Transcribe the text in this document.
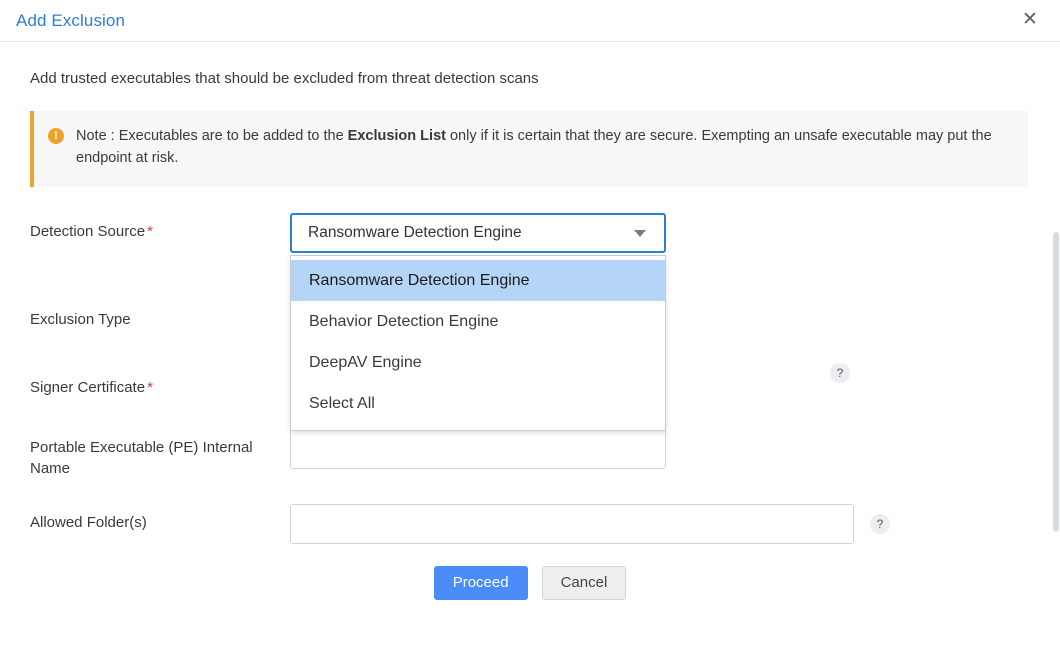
Add Exclusion	✕
Add trusted executables that should be excluded from threat detection scans
!	Note : Executables are to be added to the Exclusion List only if it is certain that they are secure. Exempting an unsafe executable may put the endpoint at risk.
Detection Source *	Ransomware Detection Engine
Ransomware Detection Engine
Behavior Detection Engine
DeepAV Engine
Select All
Exclusion Type
Signer Certificate *
?
Portable Executable (PE) Internal Name
Allowed Folder(s)	?
Proceed	Cancel
